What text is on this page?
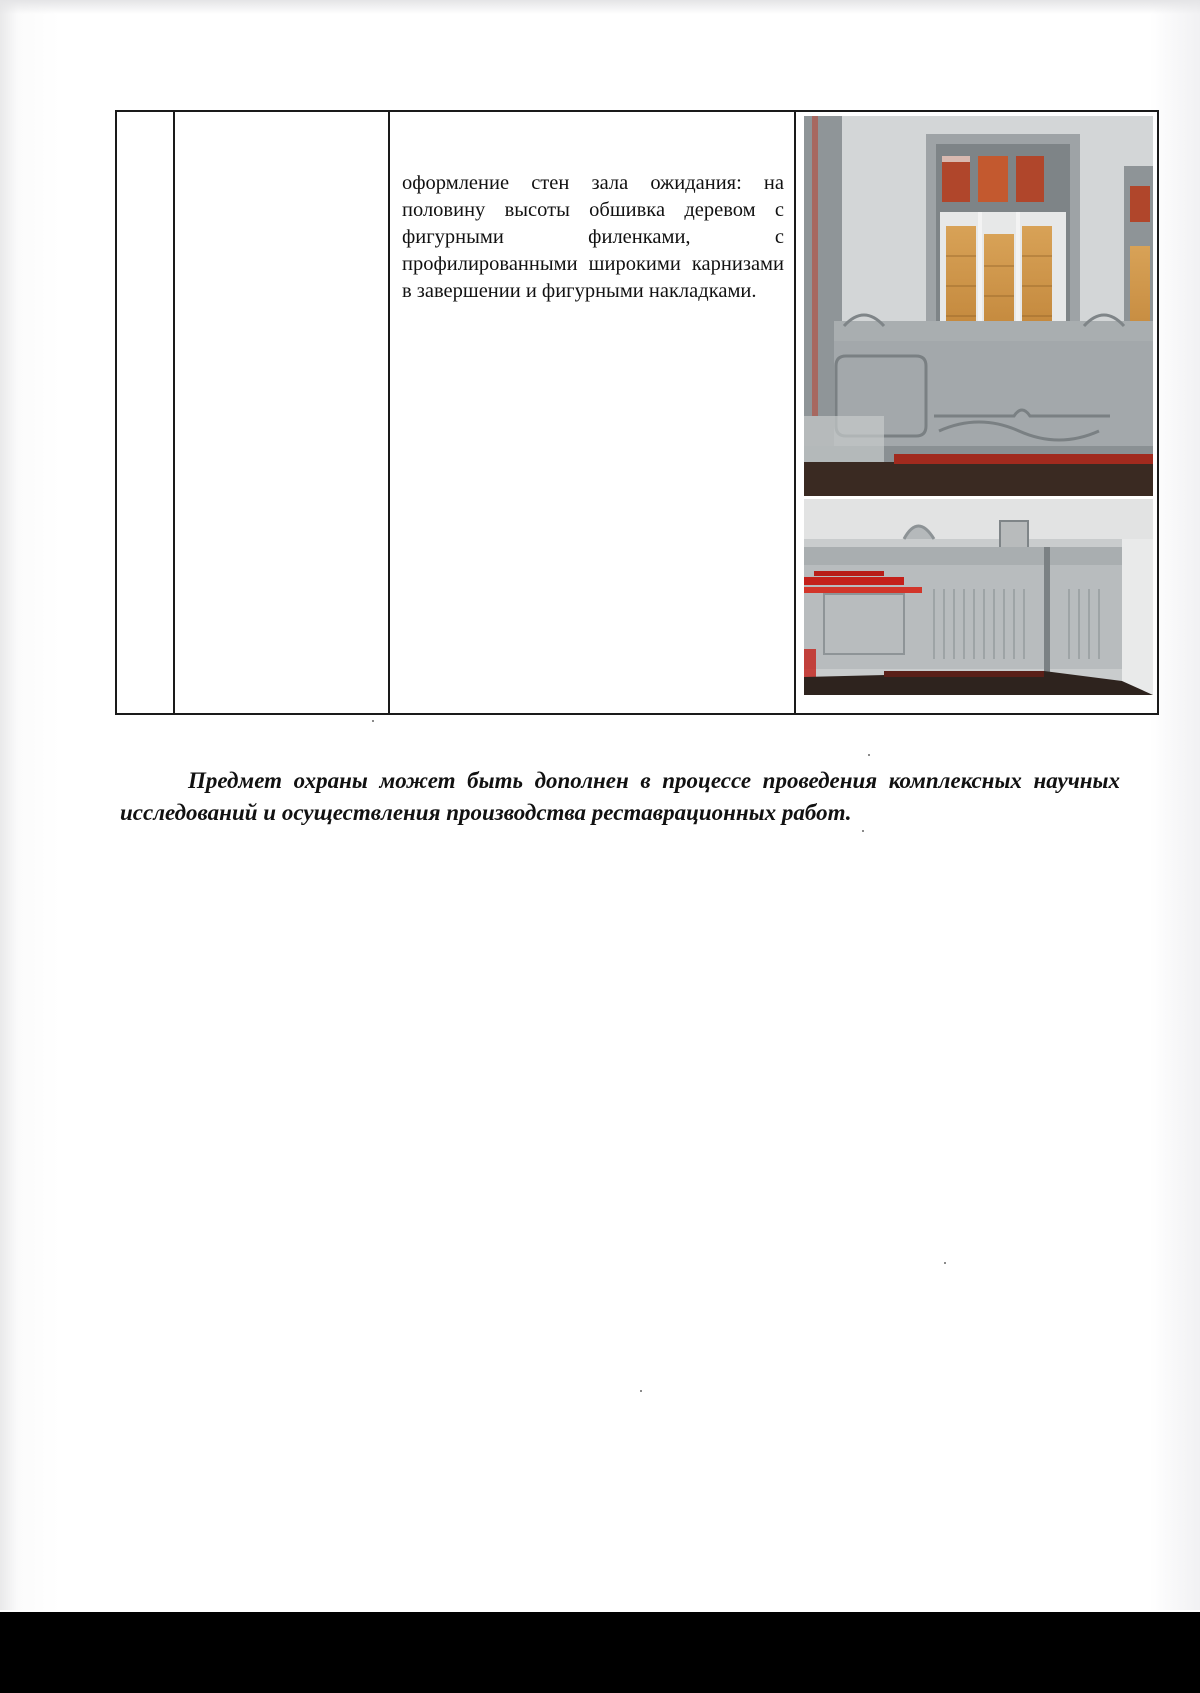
оформление стен зала ожидания: на половину высоты обшивка деревом с фигурными филенками, с профилированными широкими карнизами в завершении и фигурными накладками.

Предмет охраны может быть дополнен в процессе проведения комплексных научных исследований и осуществления производства реставрационных работ.
